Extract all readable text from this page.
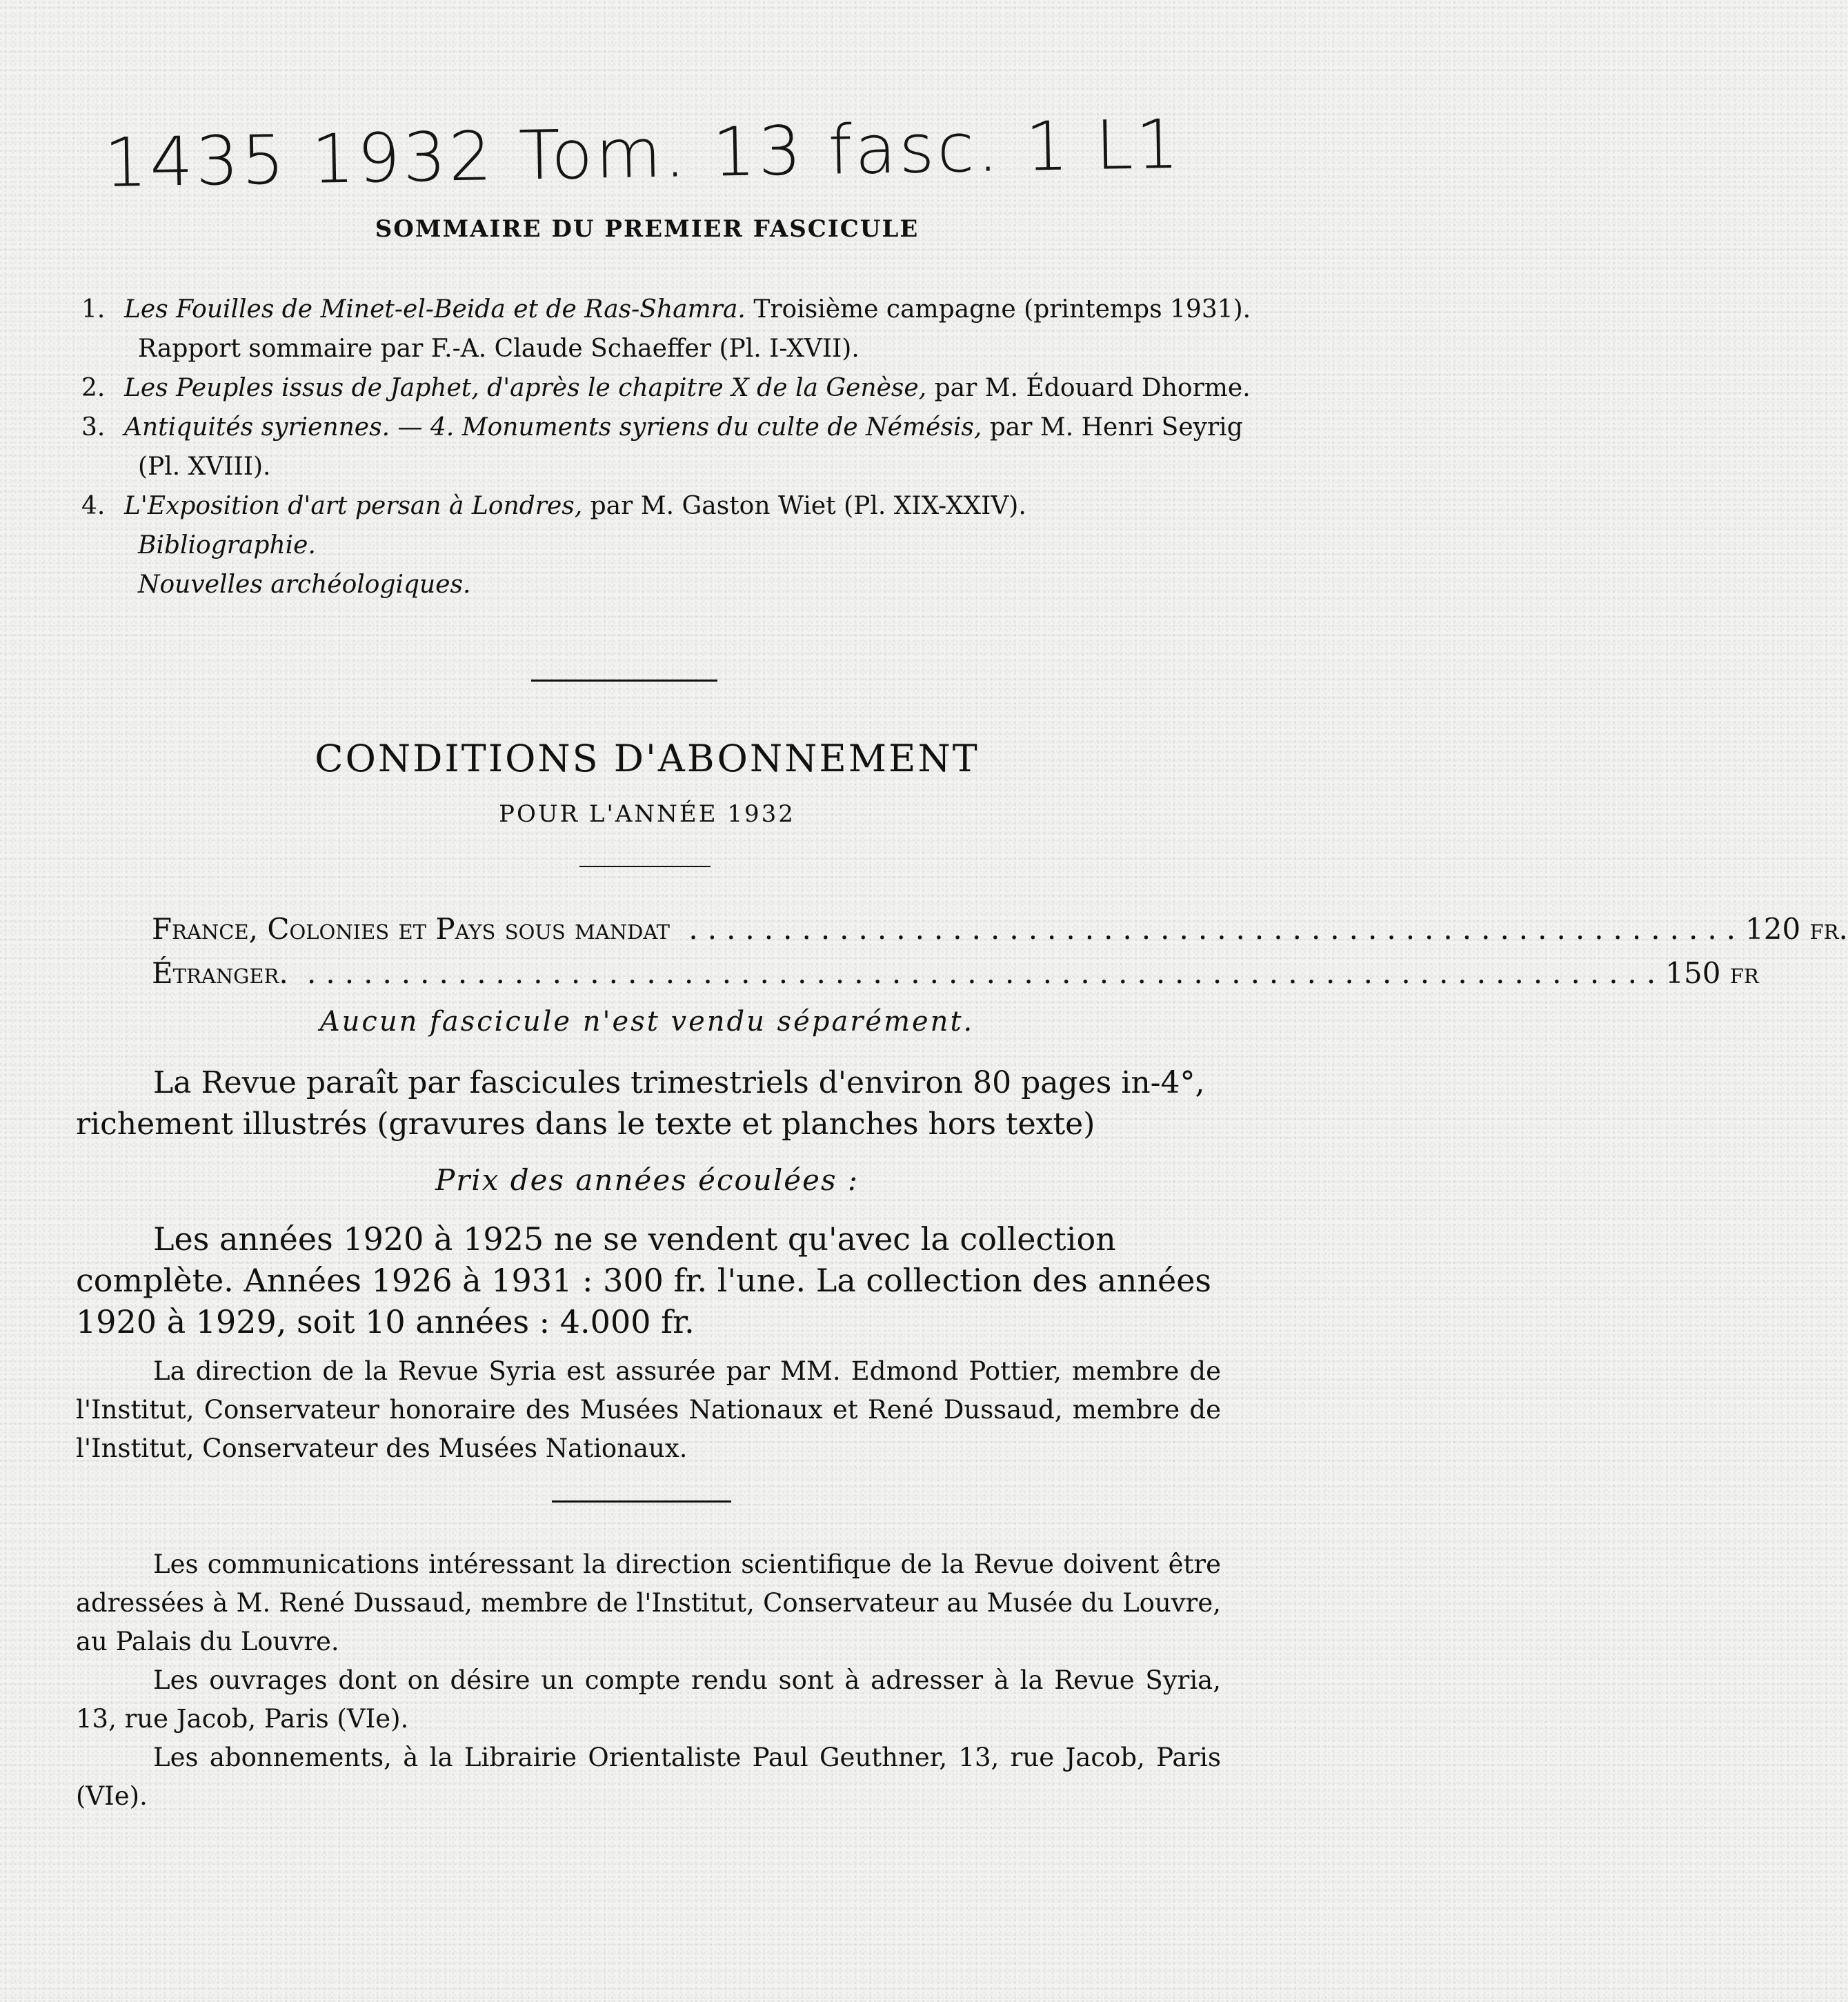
1435 1932 Tom. 13 fasc. 1 L1
SOMMAIRE DU PREMIER FASCICULE
1. Les Fouilles de Minet-el-Beida et de Ras-Shamra. Troisième campagne (printemps 1931).
Rapport sommaire par F.-A. Claude Schaeffer (Pl. I-XVII).
2. Les Peuples issus de Japhet, d'après le chapitre X de la Genèse, par M. Édouard Dhorme.
3. Antiquités syriennes. — 4. Monuments syriens du culte de Némésis, par M. Henri Seyrig
(Pl. XVIII).
4. L'Exposition d'art persan à Londres, par M. Gaston Wiet (Pl. XIX-XXIV).
Bibliographie.
Nouvelles archéologiques.
CONDITIONS D'ABONNEMENT
POUR L'ANNÉE 1932
France, Colonies et Pays sous mandat ........................................................ 120 fr.
Étranger. ........................................................................ 150 fr
Aucun fascicule n'est vendu séparément.

La Revue paraît par fascicules trimestriels d'environ 80 pages in-4°, richement illustrés (gravures dans le texte et planches hors texte)

Prix des années écoulées :

Les années 1920 à 1925 ne se vendent qu'avec la collection complète. Années 1926 à 1931 : 300 fr. l'une. La collection des années 1920 à 1929, soit 10 années : 4.000 fr.

La direction de la Revue Syria est assurée par MM. Edmond Pottier, membre de l'Institut, Conservateur honoraire des Musées Nationaux et René Dussaud, membre de l'Institut, Conservateur des Musées Nationaux.

Les communications intéressant la direction scientifique de la Revue doivent être adressées à M. René Dussaud, membre de l'Institut, Conservateur au Musée du Louvre, au Palais du Louvre.

Les ouvrages dont on désire un compte rendu sont à adresser à la Revue Syria, 13, rue Jacob, Paris (VIe).

Les abonnements, à la Librairie Orientaliste Paul Geuthner, 13, rue Jacob, Paris (VIe).
